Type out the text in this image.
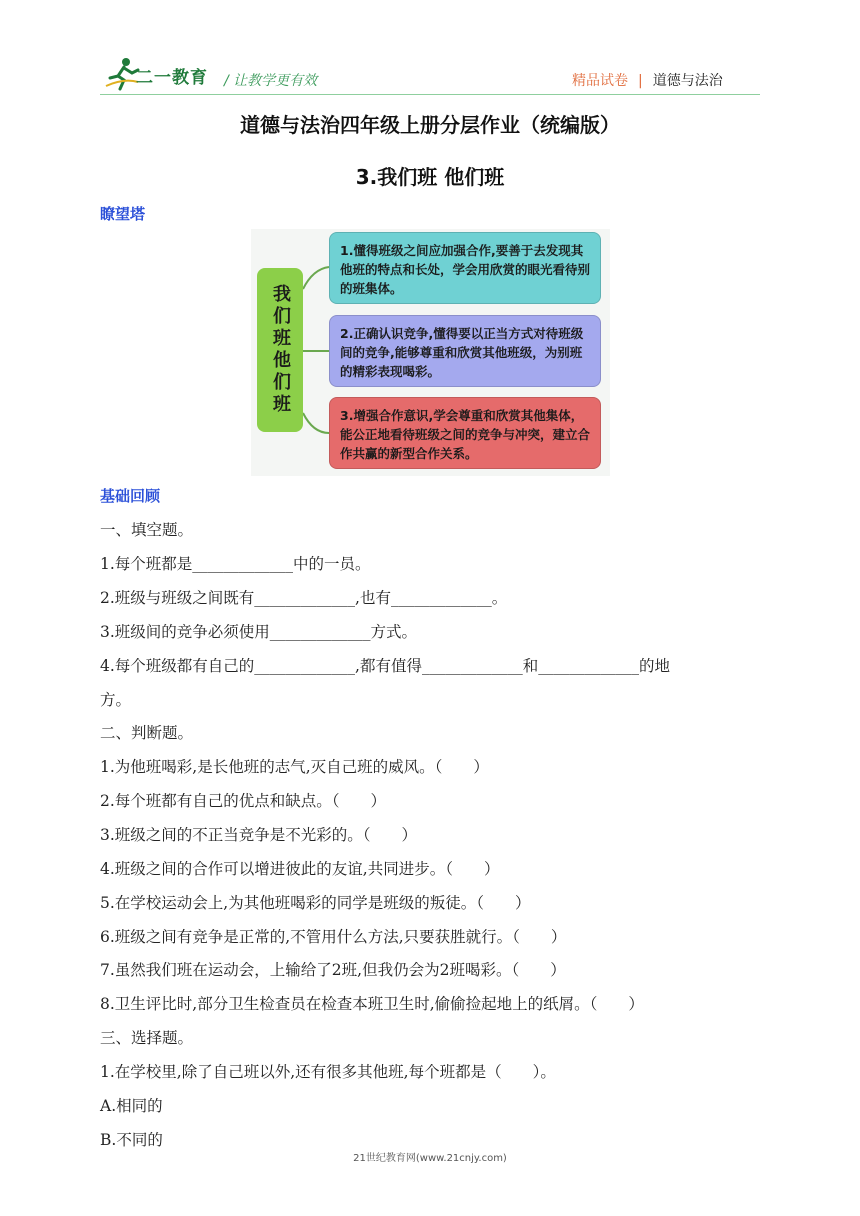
二一教育 / 让教学更有效	精品试卷 | 道德与法治
道德与法治四年级上册分层作业（统编版）
3.我们班 他们班
瞭望塔
我们班他们班
1.懂得班级之间应加强合作,要善于去发现其他班的特点和长处，学会用欣赏的眼光看待别的班集体。
2.正确认识竞争,懂得要以正当方式对待班级间的竞争,能够尊重和欣赏其他班级，为别班的精彩表现喝彩。
3.增强合作意识,学会尊重和欣赏其他集体，能公正地看待班级之间的竞争与冲突，建立合作共赢的新型合作关系。
基础回顾
一、填空题。
1.每个班都是_____________中的一员。
2.班级与班级之间既有_____________,也有_____________。
3.班级间的竞争必须使用_____________方式。
4.每个班级都有自己的_____________,都有值得_____________和_____________的地
方。
二、判断题。
1.为他班喝彩,是长他班的志气,灭自己班的威风。（　　）
2.每个班都有自己的优点和缺点。（　　）
3.班级之间的不正当竞争是不光彩的。（　　）
4.班级之间的合作可以增进彼此的友谊,共同进步。（　　）
5.在学校运动会上,为其他班喝彩的同学是班级的叛徒。（　　）
6.班级之间有竞争是正常的,不管用什么方法,只要获胜就行。（　　）
7.虽然我们班在运动会，上输给了2班,但我仍会为2班喝彩。（　　）
8.卫生评比时,部分卫生检查员在检查本班卫生时,偷偷捡起地上的纸屑。（　　）
三、选择题。
1.在学校里,除了自己班以外,还有很多其他班,每个班都是（　　）。
A.相同的
B.不同的
21世纪教育网(www.21cnjy.com)
